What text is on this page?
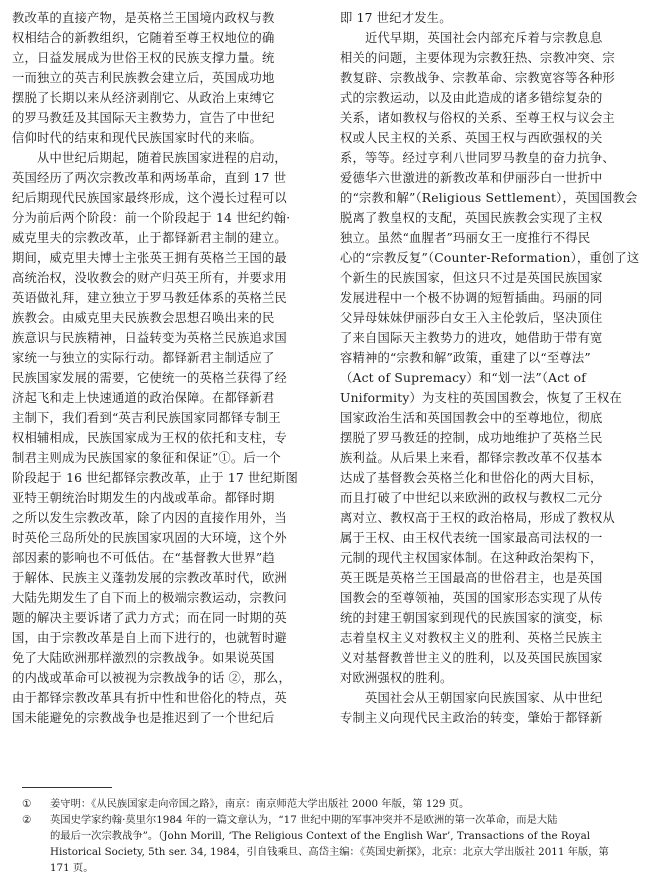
教改革的直接产物，是英格兰王国境内政权与教
权相结合的新教组织，它随着至尊王权地位的确
立，日益发展成为世俗王权的民族支撑力量。统
一而独立的英吉利民族教会建立后，英国成功地
摆脱了长期以来从经济剥削它、从政治上束缚它
的罗马教廷及其国际天主教势力，宣告了中世纪
信仰时代的结束和现代民族国家时代的来临。
　　从中世纪后期起，随着民族国家进程的启动，
英国经历了两次宗教改革和两场革命，直到 17 世
纪后期现代民族国家最终形成，这个漫长过程可以
分为前后两个阶段：前一个阶段起于 14 世纪约翰·
威克里夫的宗教改革，止于都铎新君主制的建立。
期间，威克里夫博士主张英王拥有英格兰王国的最
高统治权，没收教会的财产归英王所有，并要求用
英语做礼拜，建立独立于罗马教廷体系的英格兰民
族教会。由威克里夫民族教会思想召唤出来的民
族意识与民族精神，日益转变为英格兰民族追求国
家统一与独立的实际行动。都铎新君主制适应了
民族国家发展的需要，它使统一的英格兰获得了经
济起飞和走上快速通道的政治保障。在都铎新君
主制下，我们看到“英吉利民族国家同都铎专制王
权相辅相成，民族国家成为王权的依托和支柱，专
制君主则成为民族国家的象征和保证”①。后一个
阶段起于 16 世纪都铎宗教改革，止于 17 世纪斯图
亚特王朝统治时期发生的内战或革命。都铎时期
之所以发生宗教改革，除了内因的直接作用外，当
时英伦三岛所处的民族国家巩固的大环境，这个外
部因素的影响也不可低估。在“基督教大世界”趋
于解体、民族主义蓬勃发展的宗教改革时代，欧洲
大陆先期发生了自下而上的极端宗教运动，宗教问
题的解决主要诉诸了武力方式；而在同一时期的英
国，由于宗教改革是自上而下进行的，也就暂时避
免了大陆欧洲那样激烈的宗教战争。如果说英国
的内战或革命可以被视为宗教战争的话 ②，那么，
由于都铎宗教改革具有折中性和世俗化的特点，英
国未能避免的宗教战争也是推迟到了一个世纪后
即 17 世纪才发生。
　　近代早期，英国社会内部充斥着与宗教息息
相关的问题，主要体现为宗教狂热、宗教冲突、宗
教复辟、宗教战争、宗教革命、宗教宽容等各种形
式的宗教运动，以及由此造成的诸多错综复杂的
关系，诸如教权与俗权的关系、至尊王权与议会主
权或人民主权的关系、英国王权与西欧强权的关
系，等等。经过亨利八世同罗马教皇的奋力抗争、
爱德华六世激进的新教改革和伊丽莎白一世折中
的“宗教和解”（Religious Settlement），英国国教会
脱离了教皇权的支配，英国民族教会实现了主权
独立。虽然“血腥者”玛丽女王一度推行不得民
心的“宗教反复”（Counter-Reformation），重创了这
个新生的民族国家，但这只不过是英国民族国家
发展进程中一个极不协调的短暂插曲。玛丽的同
父异母妹妹伊丽莎白女王入主伦敦后，坚决顶住
了来自国际天主教势力的进攻，她借助于带有宽
容精神的“宗教和解”政策，重建了以“至尊法”
（Act of Supremacy）和“划一法”（Act of
Uniformity）为支柱的英国国教会，恢复了王权在
国家政治生活和英国国教会中的至尊地位，彻底
摆脱了罗马教廷的控制，成功地维护了英格兰民
族利益。从后果上来看，都铎宗教改革不仅基本
达成了基督教会英格兰化和世俗化的两大目标，
而且打破了中世纪以来欧洲的政权与教权二元分
离对立、教权高于王权的政治格局，形成了教权从
属于王权、由王权代表统一国家最高司法权的一
元制的现代主权国家体制。在这种政治架构下，
英王既是英格兰王国最高的世俗君主，也是英国
国教会的至尊领袖，英国的国家形态实现了从传
统的封建王朝国家到现代的民族国家的演变，标
志着皇权主义对教权主义的胜利、英格兰民族主
义对基督教普世主义的胜利，以及英国民族国家
对欧洲强权的胜利。
　　英国社会从王朝国家向民族国家、从中世纪
专制主义向现代民主政治的转变，肇始于都铎新
① 姜守明：《从民族国家走向帝国之路》，南京：南京师范大学出版社 2000 年版，第 129 页。
② 英国史学家约翰·莫里尔1984 年的一篇文章认为，“17 世纪中期的军事冲突并不是欧洲的第一次革命，而是大陆
的最后一次宗教战争”。（John Morill, ‘The Religious Context of the English War’, Transactions of the Royal
Historical Society, 5th ser. 34, 1984，引自钱乘旦、高岱主编：《英国史新探》，北京：北京大学出版社 2011 年版，第
171 页。
